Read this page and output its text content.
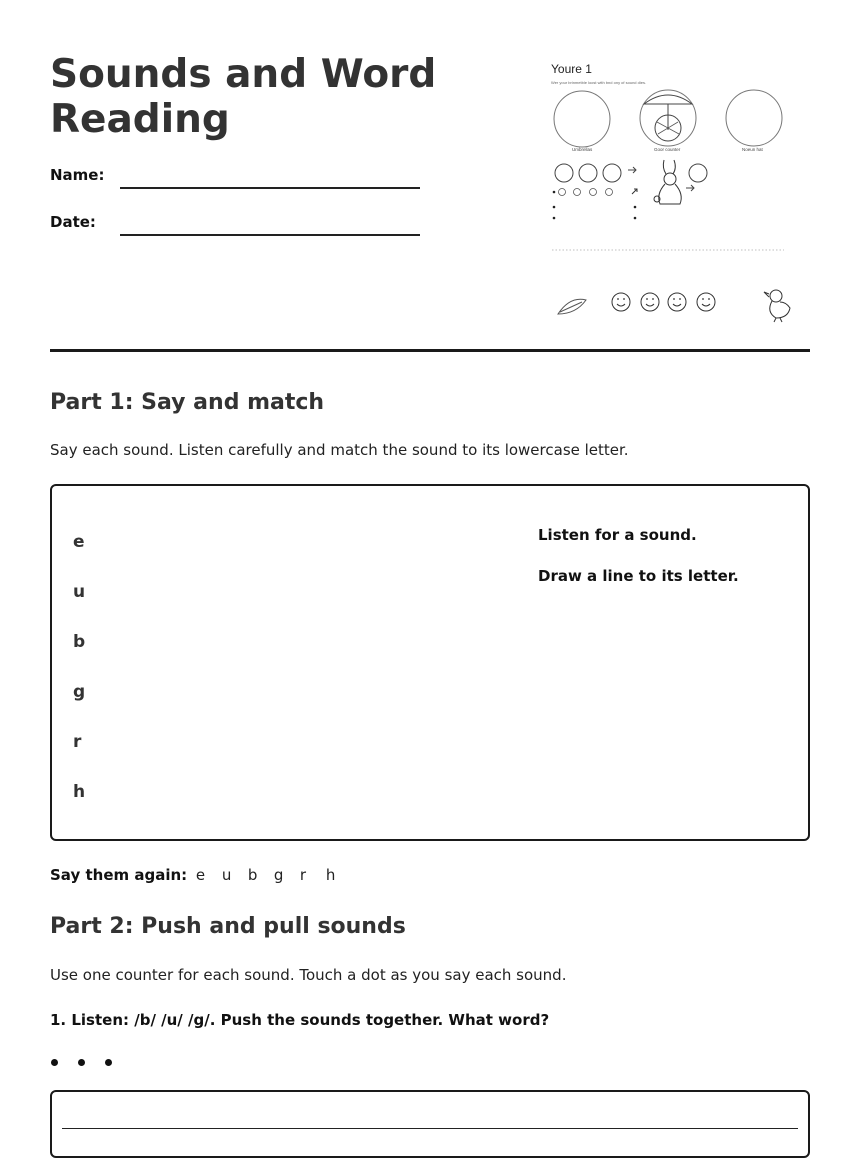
Sounds and Word Reading
Name:
Date:
Youre 1
Wer your brinmetble loost with bnd ony of sound dies.
Umbrellas	Goor counter	Noeun hat
Part 1: Say and match
Say each sound. Listen carefully and match the sound to its lowercase letter.
e
u
b
g
r
h
Listen for a sound.
Draw a line to its letter.
Say them again: e u b g r h
Part 2: Push and pull sounds
Use one counter for each sound. Touch a dot as you say each sound.
1. Listen: /b/ /u/ /g/. Push the sounds together. What word?
